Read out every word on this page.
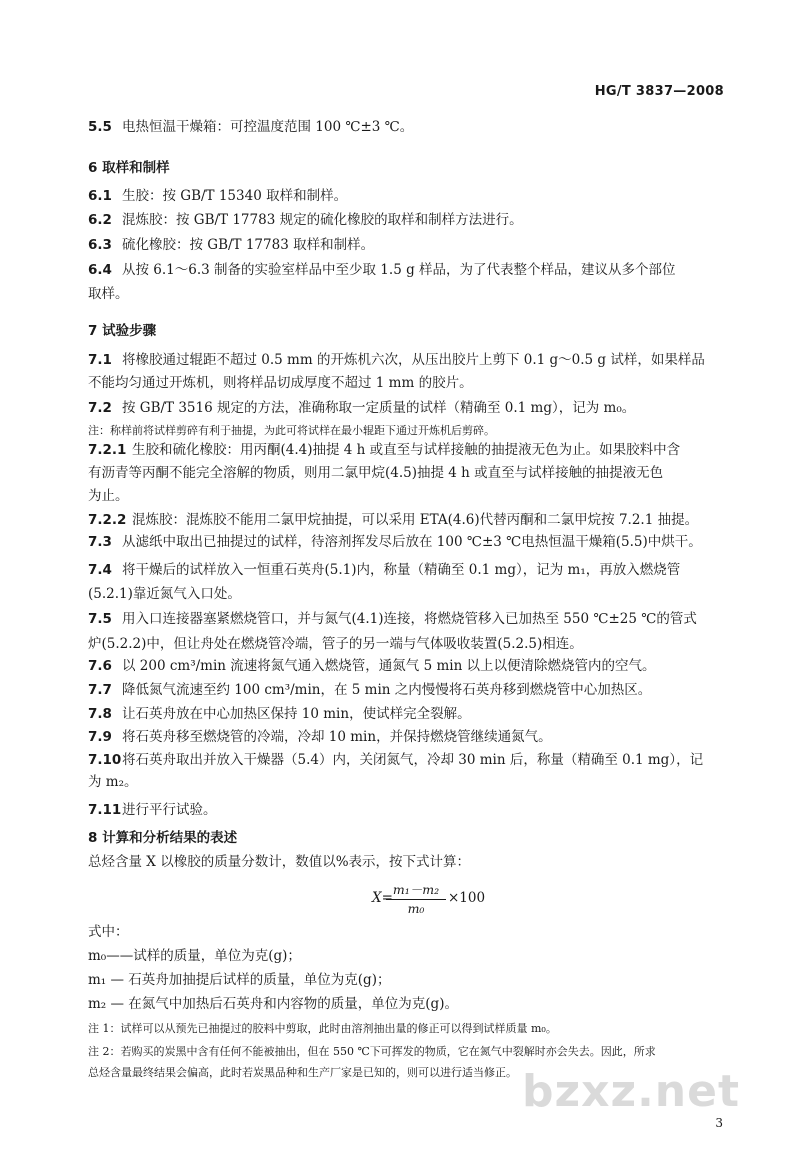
HG/T 3837—2008
5.5 电热恒温干燥箱：可控温度范围 100 ℃±3 ℃。
6 取样和制样
6.1 生胶：按 GB/T 15340 取样和制样。
6.2 混炼胶：按 GB/T 17783 规定的硫化橡胶的取样和制样方法进行。
6.3 硫化橡胶：按 GB/T 17783 取样和制样。
6.4 从按 6.1～6.3 制备的实验室样品中至少取 1.5 g 样品，为了代表整个样品，建议从多个部位
取样。
7 试验步骤
7.1 将橡胶通过辊距不超过 0.5 mm 的开炼机六次，从压出胶片上剪下 0.1 g～0.5 g 试样，如果样品
不能均匀通过开炼机，则将样品切成厚度不超过 1 mm 的胶片。
7.2 按 GB/T 3516 规定的方法，准确称取一定质量的试样（精确至 0.1 mg），记为 m₀。
注：称样前将试样剪碎有利于抽提，为此可将试样在最小辊距下通过开炼机后剪碎。
7.2.1 生胶和硫化橡胶：用丙酮(4.4)抽提 4 h 或直至与试样接触的抽提液无色为止。如果胶料中含
有沥青等丙酮不能完全溶解的物质，则用二氯甲烷(4.5)抽提 4 h 或直至与试样接触的抽提液无色
为止。
7.2.2 混炼胶：混炼胶不能用二氯甲烷抽提，可以采用 ETA(4.6)代替丙酮和二氯甲烷按 7.2.1 抽提。
7.3 从滤纸中取出已抽提过的试样，待溶剂挥发尽后放在 100 ℃±3 ℃电热恒温干燥箱(5.5)中烘干。
7.4 将干燥后的试样放入一恒重石英舟(5.1)内，称量（精确至 0.1 mg），记为 m₁，再放入燃烧管
(5.2.1)靠近氮气入口处。
7.5 用入口连接器塞紧燃烧管口，并与氮气(4.1)连接，将燃烧管移入已加热至 550 ℃±25 ℃的管式
炉(5.2.2)中，但让舟处在燃烧管冷端，管子的另一端与气体吸收装置(5.2.5)相连。
7.6 以 200 cm³/min 流速将氮气通入燃烧管，通氮气 5 min 以上以便清除燃烧管内的空气。
7.7 降低氮气流速至约 100 cm³/min，在 5 min 之内慢慢将石英舟移到燃烧管中心加热区。
7.8 让石英舟放在中心加热区保持 10 min，使试样完全裂解。
7.9 将石英舟移至燃烧管的冷端，冷却 10 min，并保持燃烧管继续通氮气。
7.10将石英舟取出并放入干燥器（5.4）内，关闭氮气，冷却 30 min 后，称量（精确至 0.1 mg），记
为 m₂。
7.11进行平行试验。
8 计算和分析结果的表述
总烃含量 X 以橡胶的质量分数计，数值以%表示，按下式计算：
X=
$\frac{\text{m₁－m₂}}{\text{m₀}} \times 100$
式中：
m₀——试样的质量，单位为克(g)；
m₁ — 石英舟加抽提后试样的质量，单位为克(g)；
m₂ — 在氮气中加热后石英舟和内容物的质量，单位为克(g)。
注 1：试样可以从预先已抽提过的胶料中剪取，此时由溶剂抽出量的修正可以得到试样质量 m₀。
注 2：若购买的炭黑中含有任何不能被抽出，但在 550 ℃下可挥发的物质，它在氮气中裂解时亦会失去。因此，所求
总烃含量最终结果会偏高，此时若炭黑品种和生产厂家是已知的，则可以进行适当修正。 bzxz.net
3
